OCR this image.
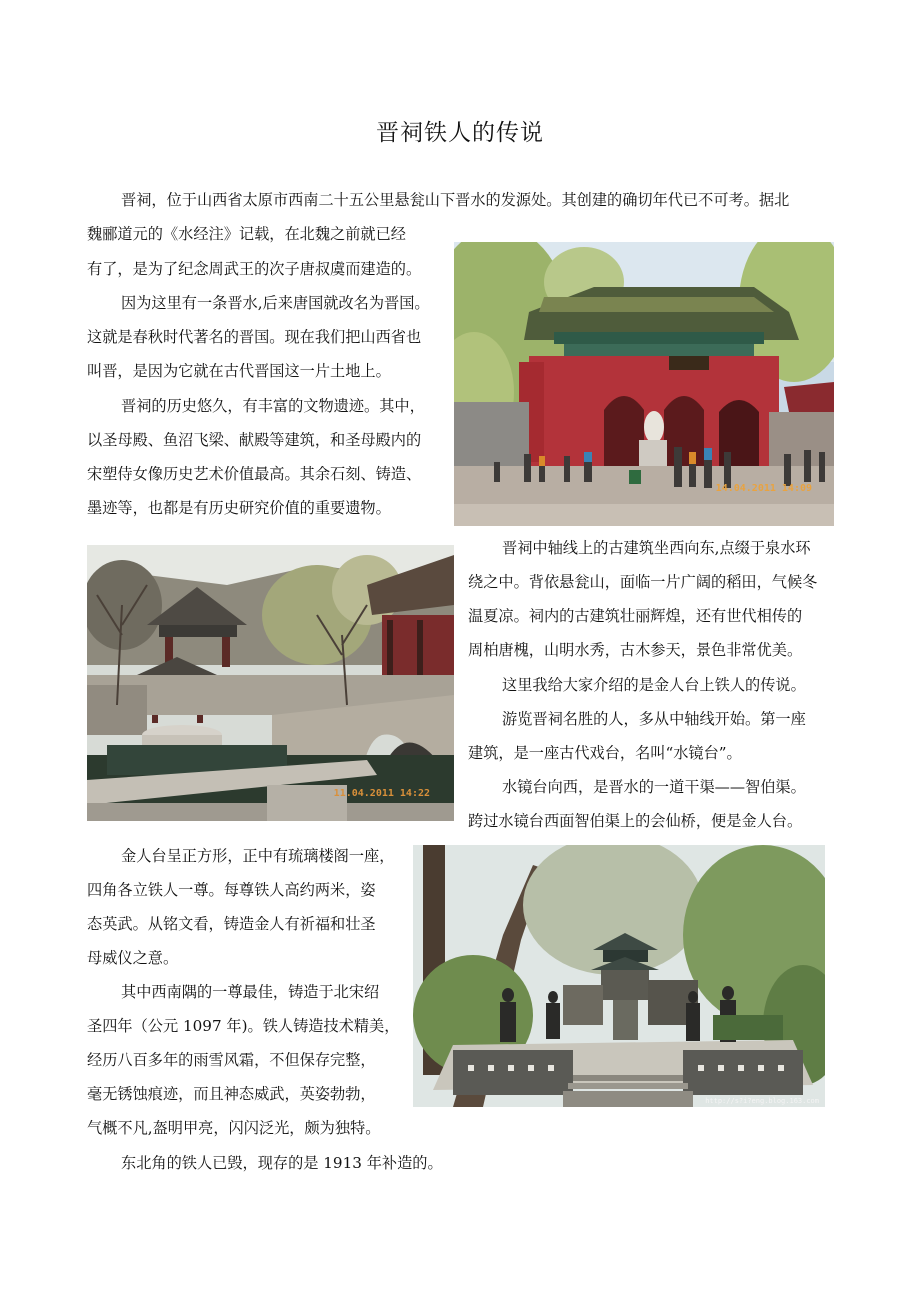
晋祠铁人的传说
晋祠，位于山西省太原市西南二十五公里悬瓮山下晋水的发源处。其创建的确切年代已不可考。据北
魏郦道元的《水经注》记载，在北魏之前就已经
有了，是为了纪念周武王的次子唐叔虞而建造的。
因为这里有一条晋水,后来唐国就改名为晋国。
这就是春秋时代著名的晋国。现在我们把山西省也
叫晋，是因为它就在古代晋国这一片土地上。
晋祠的历史悠久，有丰富的文物遗迹。其中，
以圣母殿、鱼沼飞梁、献殿等建筑，和圣母殿内的
宋塑侍女像历史艺术价值最高。其余石刻、铸造、
墨迹等，也都是有历史研究价值的重要遗物。
晋祠中轴线上的古建筑坐西向东,点缀于泉水环
绕之中。背依悬瓮山，面临一片广阔的稻田，气候冬
温夏凉。祠内的古建筑壮丽辉煌，还有世代相传的
周柏唐槐，山明水秀，古木参天，景色非常优美。
这里我给大家介绍的是金人台上铁人的传说。
游览晋祠名胜的人，多从中轴线开始。第一座
建筑，是一座古代戏台，名叫“水镜台”。
水镜台向西，是晋水的一道干渠——智伯渠。
跨过水镜台西面智伯渠上的会仙桥，便是金人台。
金人台呈正方形，正中有琉璃楼阁一座，
四角各立铁人一尊。每尊铁人高约两米，姿
态英武。从铭文看，铸造金人有祈福和壮圣
母威仪之意。
其中西南隅的一尊最佳，铸造于北宋绍
圣四年（公元 1097 年)。铁人铸造技术精美，
经历八百多年的雨雪风霜，不但保存完整，
毫无锈蚀痕迹，而且神态威武，英姿勃勃，
气概不凡,盔明甲亮，闪闪泛光，颇为独特。
东北角的铁人已毁，现存的是 1913 年补造的。
14.04.2011 14:09
11.04.2011 14:22
http://s?i?eng.blog.163.com
